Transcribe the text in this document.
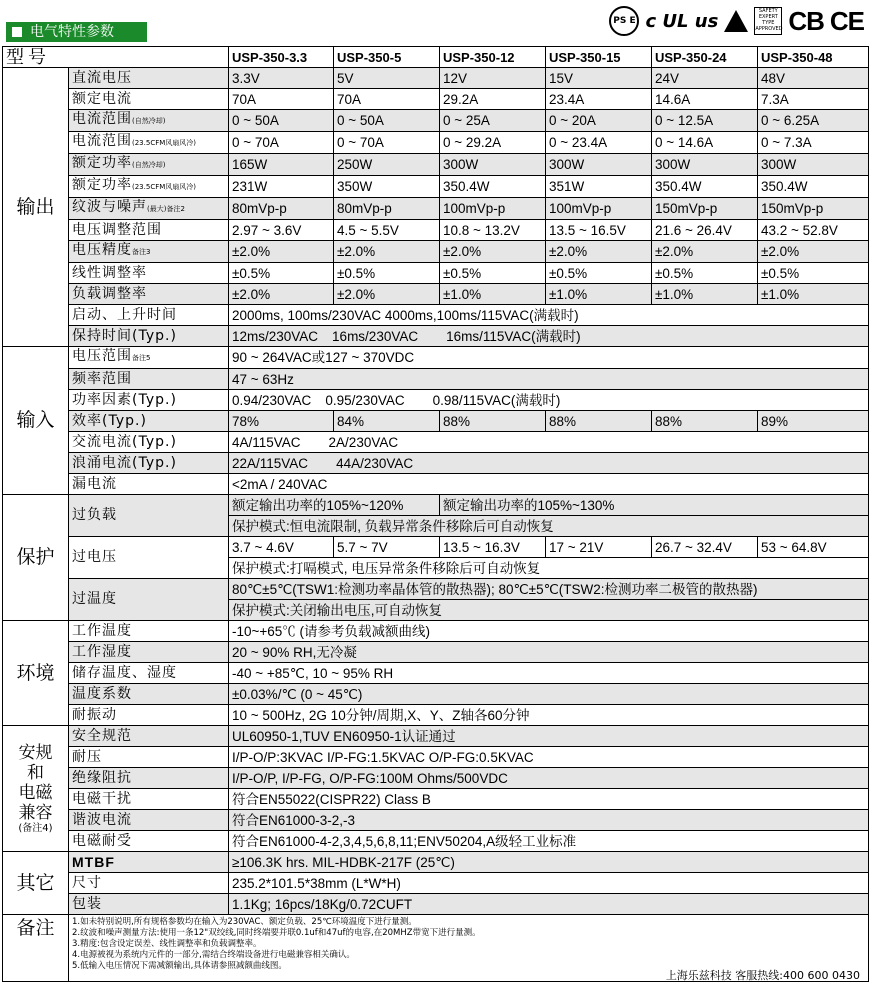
电气特性参数
PS E c UL us	SAFETY EXPERT TYPE APPROVED CB CE
型号		USP-350-3.3	USP-350-5	USP-350-12	USP-350-15	USP-350-24	USP-350-48
输出	直流电压	3.3V	5V	12V	15V	24V	48V
	额定电流	70A	70A	29.2A	23.4A	14.6A	7.3A
	电流范围(自然冷却)	0 ~ 50A	0 ~ 50A	0 ~ 25A	0 ~ 20A	0 ~ 12.5A	0 ~ 6.25A
	电流范围(23.5CFM风扇风冷)	0 ~ 70A	0 ~ 70A	0 ~ 29.2A	0 ~ 23.4A	0 ~ 14.6A	0 ~ 7.3A
	额定功率(自然冷却)	165W	250W	300W	300W	300W	300W
	额定功率(23.5CFM风扇风冷)	231W	350W	350.4W	351W	350.4W	350.4W
	纹波与噪声(最大)备注2	80mVp-p	80mVp-p	100mVp-p	100mVp-p	150mVp-p	150mVp-p
	电压调整范围	2.97 ~ 3.6V	4.5 ~ 5.5V	10.8 ~ 13.2V	13.5 ~ 16.5V	21.6 ~ 26.4V	43.2 ~ 52.8V
	电压精度备注3	±2.0%	±2.0%	±2.0%	±2.0%	±2.0%	±2.0%
	线性调整率	±0.5%	±0.5%	±0.5%	±0.5%	±0.5%	±0.5%
	负载调整率	±2.0%	±2.0%	±1.0%	±1.0%	±1.0%	±1.0%
	启动、上升时间	2000ms, 100ms/230VAC 4000ms,100ms/115VAC(满载时)					
	保持时间(Typ.)	12ms/230VAC 16ms/230VAC 16ms/115VAC(满载时)					
输入	电压范围备注5	90 ~ 264VAC或127 ~ 370VDC					
	频率范围	47 ~ 63Hz					
	功率因素(Typ.)	0.94/230VAC 0.95/230VAC 0.98/115VAC(满载时)					
	效率(Typ.)	78%	84%	88%	88%	88%	89%
	交流电流(Typ.)	4A/115VAC 2A/230VAC					
	浪涌电流(Typ.)	22A/115VAC 44A/230VAC					
	漏电流	<2mA / 240VAC					
保护	过负载	额定输出功率的105%~120%		额定输出功率的105%~130%			
		保护模式:恒电流限制, 负载异常条件移除后可自动恢复					
	过电压	3.7 ~ 4.6V	5.7 ~ 7V	13.5 ~ 16.3V	17 ~ 21V	26.7 ~ 32.4V	53 ~ 64.8V
		保护模式:打嗝模式, 电压异常条件移除后可自动恢复					
	过温度	80℃±5℃(TSW1:检测功率晶体管的散热器); 80℃±5℃(TSW2:检测功率二极管的散热器)					
		保护模式:关闭输出电压,可自动恢复					
环境	工作温度	-10~+65℃ (请参考负载减额曲线)					
	工作湿度	20 ~ 90% RH,无冷凝					
	储存温度、湿度	-40 ~ +85℃, 10 ~ 95% RH					
	温度系数	±0.03%/℃ (0 ~ 45℃)					
	耐振动	10 ~ 500Hz, 2G 10分钟/周期,X、Y、Z轴各60分钟					

安规
和
电磁
兼容
(备注4)	安全规范	UL60950-1,TUV EN60950-1认证通过					
	耐压	I/P-O/P:3KVAC I/P-FG:1.5KVAC O/P-FG:0.5KVAC					
	绝缘阻抗	I/P-O/P, I/P-FG, O/P-FG:100M Ohms/500VDC					
	电磁干扰	符合EN55022(CISPR22) Class B					
	谐波电流	符合EN61000-3-2,-3					
	电磁耐受	符合EN61000-4-2,3,4,5,6,8,11;ENV50204,A级轻工业标准					
其它	MTBF	≥106.3K hrs. MIL-HDBK-217F (25℃)					
	尺寸	235.2*101.5*38mm (L*W*H)					
	包装	1.1Kg; 16pcs/18Kg/0.72CUFT					
备注	1.如未特别说明,所有规格参数均在输入为230VAC、额定负载、25℃环境温度下进行量测。
2.纹波和噪声测量方法:使用一条12"双绞线,同时终端要并联0.1uf和47uf的电容,在20MHZ带宽下进行量测。
3.精度:包含设定误差、线性调整率和负载调整率。
4.电源被视为系统内元件的一部分,需结合终端设备进行电磁兼容相关确认。
5.低输入电压情况下需减额输出,具体请参照减额曲线图。						
上海乐兹科技 客服热线:400 600 0430
